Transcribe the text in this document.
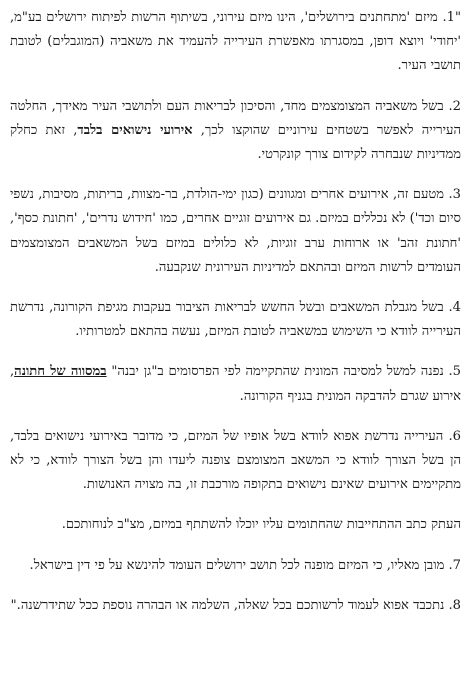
"1. מיזם 'מתחתנים בירושלים', הינו מיזם עירוני, בשיתוף הרשות לפיתוח ירושלים בע"מ, 'יחודי' ויוצא דופן, במסגרתו מאפשרת העירייה להעמיד את משאביה (המוגבלים) לטובת תושבי העיר.

2. בשל משאביה המצומצמים מחד, והסיכון לבריאות העם ולתושבי העיר מאידך, החלטה העירייה לאפשר בשטחים עירוניים שהוקצו לכך, אירועי נישואים בלבד, זאת כחלק ממדיניות שנבחרה לקידום צורך קונקרטי.

3. מטעם זה, אירועים אחרים ומגוונים (כגון ימי-הולדת, בר-מצוות, בריתות, מסיבות, נשפי סיום וכד') לא נכללים במיזם. גם אירועים זוגיים אחרים, כמו 'חידוש נדרים', 'חתונת כסף', 'חתונת זהב' או ארוחות ערב זוגיות, לא כלולים במיזם בשל המשאבים המצומצמים העומדים לרשות המיזם ובהתאם למדיניות העירונית שנקבעה.

4. בשל מגבלת המשאבים ובשל החשש לבריאות הציבור בעקבות מגיפת הקורונה, נדרשת העירייה לוודא כי השימוש במשאביה לטובת המיזם, נעשה בהתאם למטרותיו.

5. נפנה למשל למסיבה המונית שהתקיימה לפי הפרסומים ב"גן יבנה" במסווה של חתונה, אירוע שגרם להדבקה המונית בגניף הקורונה.

6. העירייה נדרשת אפוא לוודא בשל אופיו של המיזם, כי מדובר באירועי נישואים בלבד, הן בשל הצורך לוודא כי המשאב המצומצם צופנה ליעדו והן בשל הצורך לוודא, כי לא מתקיימים אירועים שאינם נישואים בתקופה מורכבת זו, בה מצויה האנושות.

העתק כתב ההתחייבות שהחתומים עליו יוכלו להשתתף במיזם, מצ"ב לנוחותכם.

7. מובן מאליו, כי המיזם מופנה לכל תושב ירושלים העומד להינשא על פי דין בישראל.

8. נתכבד אפוא לעמוד לרשותכם בכל שאלה, השלמה או הבהרה נוספת ככל שתידרשנה."
